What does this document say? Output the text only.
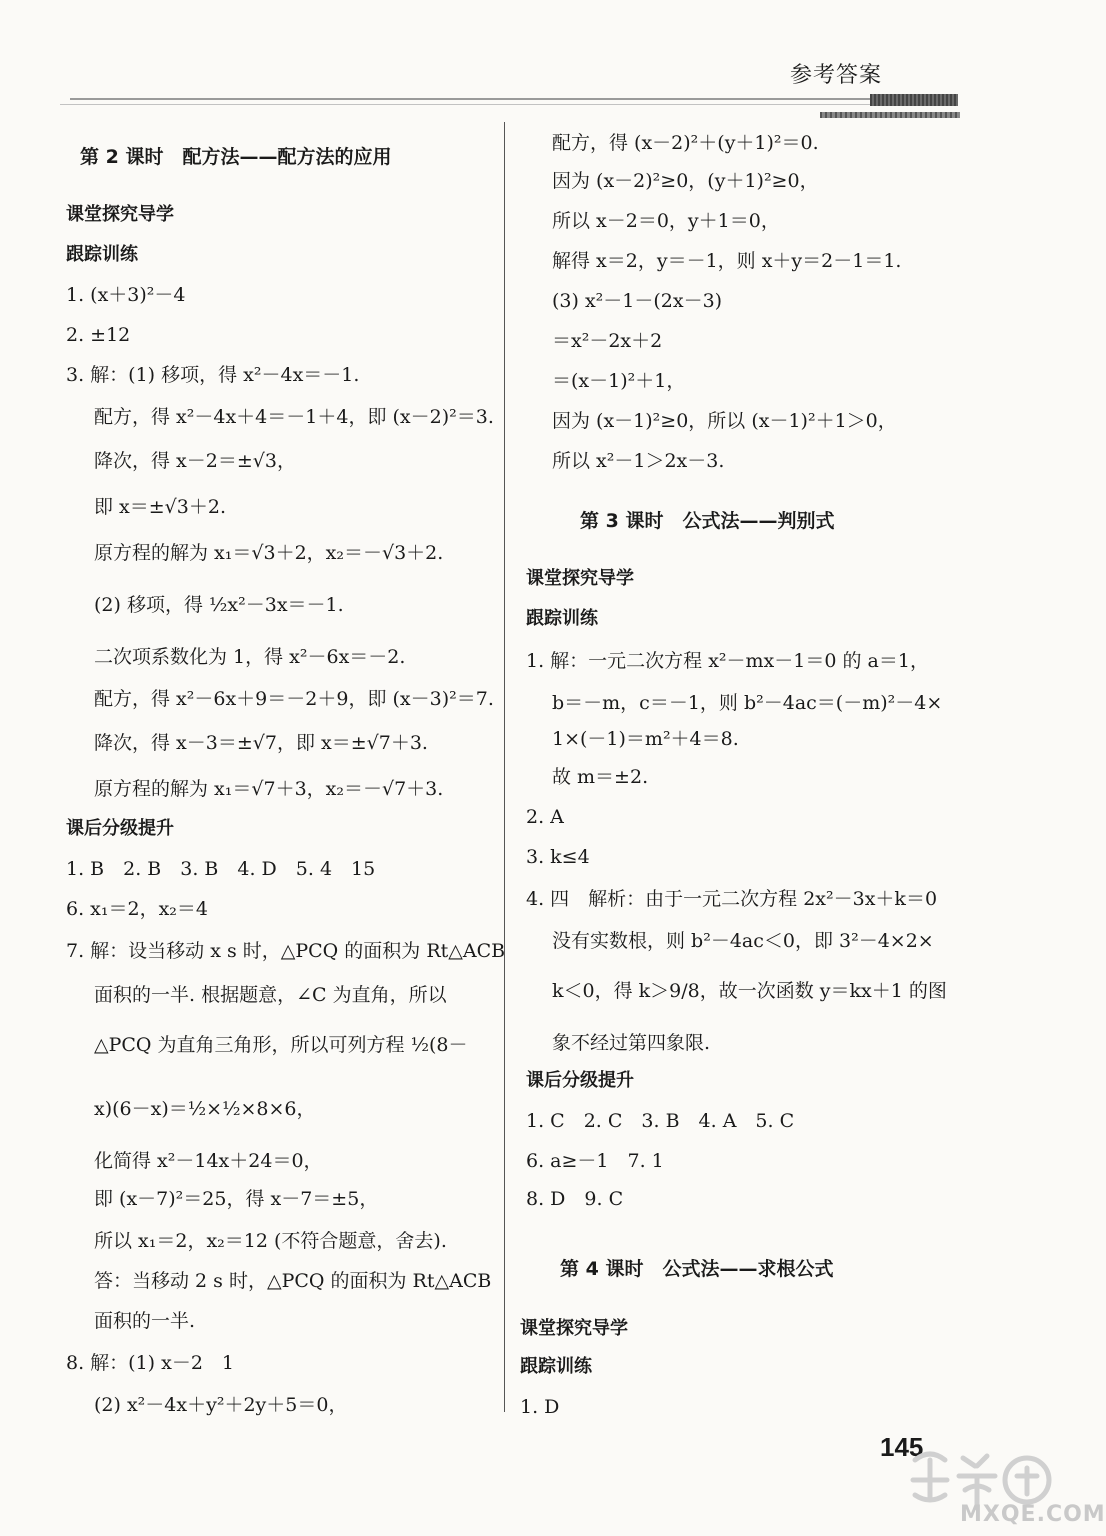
参考答案
第 2 课时　配方法——配方法的应用
课堂探究导学
跟踪训练
1. (x＋3)²－4
2. ±12
3. 解：(1) 移项，得 x²－4x＝－1.
配方，得 x²－4x＋4＝－1＋4，即 (x－2)²＝3.
降次，得 x－2＝±√3，
即 x＝±√3＋2.
原方程的解为 x₁＝√3＋2，x₂＝－√3＋2.
(2) 移项，得 ½x²－3x＝－1.
二次项系数化为 1，得 x²－6x＝－2.
配方，得 x²－6x＋9＝－2＋9，即 (x－3)²＝7.
降次，得 x－3＝±√7，即 x＝±√7＋3.
原方程的解为 x₁＝√7＋3，x₂＝－√7＋3.
课后分级提升
1. B　2. B　3. B　4. D　5. 4　15
6. x₁＝2，x₂＝4
7. 解：设当移动 x s 时，△PCQ 的面积为 Rt△ACB
面积的一半. 根据题意，∠C 为直角，所以
△PCQ 为直角三角形，所以可列方程 ½(8－
x)(6－x)＝½×½×8×6，
化简得 x²－14x＋24＝0，
即 (x－7)²＝25，得 x－7＝±5，
所以 x₁＝2，x₂＝12 (不符合题意，舍去).
答：当移动 2 s 时，△PCQ 的面积为 Rt△ACB
面积的一半.
8. 解：(1) x－2　1
(2) x²－4x＋y²＋2y＋5＝0，
配方，得 (x－2)²＋(y＋1)²＝0.
因为 (x－2)²≥0，(y＋1)²≥0，
所以 x－2＝0，y＋1＝0，
解得 x＝2，y＝－1，则 x＋y＝2－1＝1.
(3) x²－1－(2x－3)
＝x²－2x＋2
＝(x－1)²＋1，
因为 (x－1)²≥0，所以 (x－1)²＋1＞0，
所以 x²－1＞2x－3.
第 3 课时　公式法——判别式
课堂探究导学
跟踪训练
1. 解：一元二次方程 x²－mx－1＝0 的 a＝1，
b＝－m，c＝－1，则 b²－4ac＝(－m)²－4×
1×(－1)＝m²＋4＝8.
故 m＝±2.
2. A
3. k≤4
4. 四　解析：由于一元二次方程 2x²－3x＋k＝0
没有实数根，则 b²－4ac＜0，即 3²－4×2×
k＜0，得 k＞9/8，故一次函数 y＝kx＋1 的图
象不经过第四象限.
课后分级提升
1. C　2. C　3. B　4. A　5. C
6. a≥－1　7. 1
8. D　9. C
第 4 课时　公式法——求根公式
课堂探究导学
跟踪训练
1. D
145
MXQE.COM
